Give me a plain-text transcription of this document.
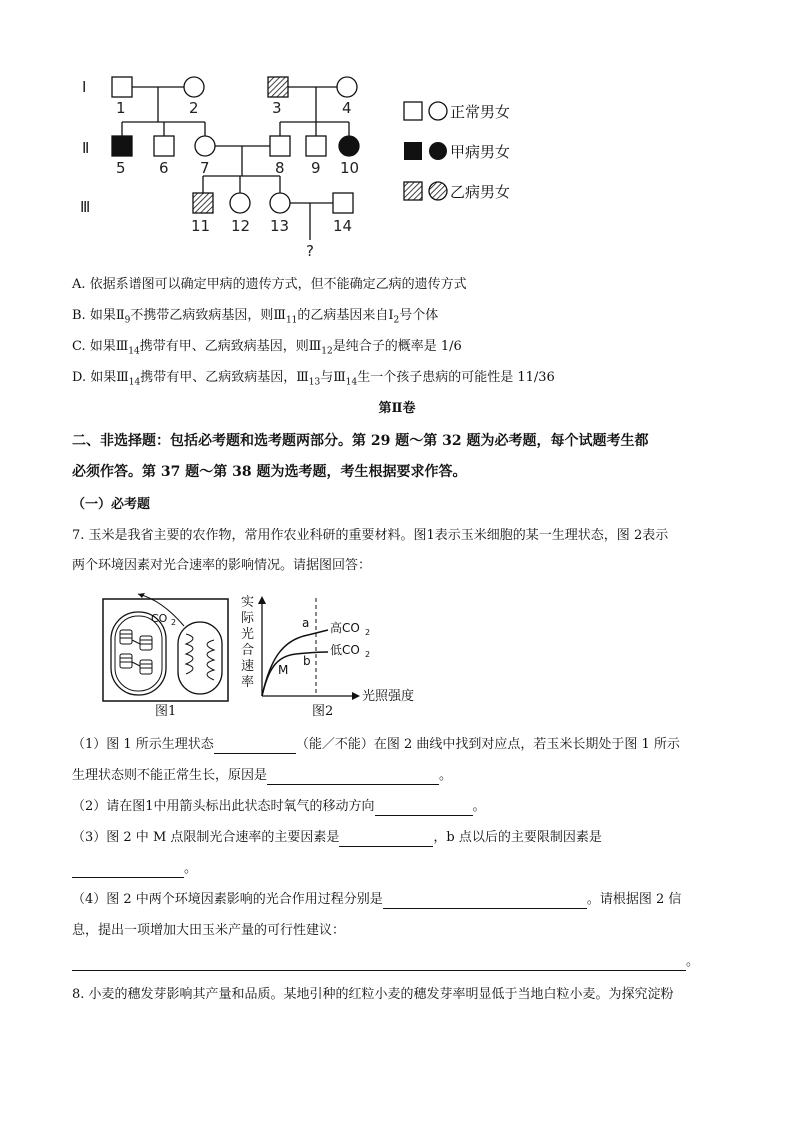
Ⅰ
Ⅱ
Ⅲ
1	2	3	4
5 6 7	8 9 10
11 12 13	14
?
正常男女
甲病男女
乙病男女
A. 依据系谱图可以确定甲病的遗传方式，但不能确定乙病的遗传方式
B. 如果$Ⅱ_9$不携带乙病致病基因，则$Ⅲ_{11}$的乙病基因来自$Ⅰ_2$号个体
C. 如果$Ⅲ_{14}$携带有甲、乙病致病基因，则$Ⅲ_{12}$是纯合子的概率是 1/6
D. 如果$Ⅲ_{14}$携带有甲、乙病致病基因，$Ⅲ_{13}$与$Ⅲ_{14}$生一个孩子患病的可能性是 11/36
第Ⅱ卷
二、非选择题：包括必考题和选考题两部分。第 29 题～第 32 题为必考题，每个试题考生都
必须作答。第 37 题～第 38 题为选考题，考生根据要求作答。
（一）必考题
7. 玉米是我省主要的农作物，常用作农业科研的重要材料。图1表示玉米细胞的某一生理状态，图 2表示
两个环境因素对光合速率的影响情况。请据图回答：
CO 2
图1
实
际
光
合
速
率
a
b
M
高CO 2
低CO 2
光照强度
图2
（1）图 1 所示生理状态	（能／不能）在图 2 曲线中找到对应点，若玉米长期处于图 1 所示
生理状态则不能正常生长，原因是	。
（2）请在图1中用箭头标出此状态时氧气的移动方向	。
（3）图 2 中 M 点限制光合速率的主要因素是	，b 点以后的主要限制因素是
。
（4）图 2 中两个环境因素影响的光合作用过程分别是	。请根据图 2 信
息，提出一项增加大田玉米产量的可行性建议：
。
8. 小麦的穗发芽影响其产量和品质。某地引种的红粒小麦的穗发芽率明显低于当地白粒小麦。为探究淀粉
